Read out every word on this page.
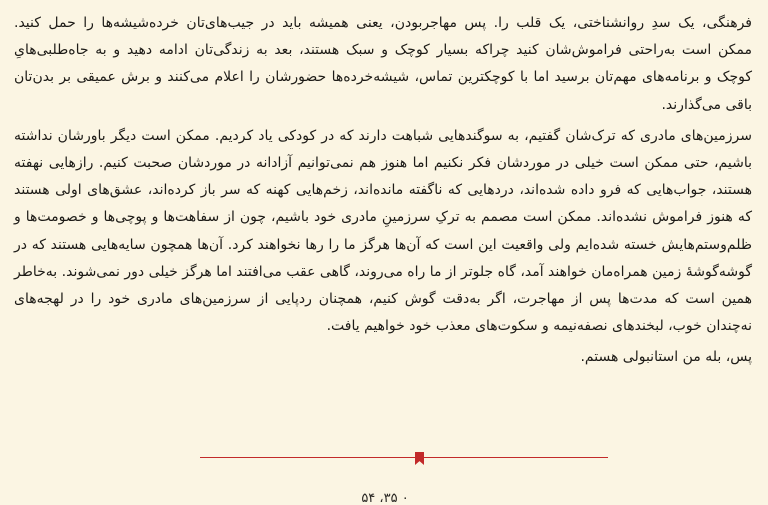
فرهنگی، یک سدِ روانشناختی، یک قلب را. پس مهاجربودن، یعنی همیشه باید در جیب‌های‌تان خرده‌شیشه‌ها را حمل کنید.
ممکن است به‌راحتی فراموش‌شان کنید چراکه بسیار کوچک و سبک هستند، بعد به زندگی‌تان ادامه دهید و به جاه‌طلبی‌هایِ
کوچک و برنامه‌های مهم‌تان برسید اما با کوچکترین تماس، شیشه‌خرده‌ها حضورشان را اعلام می‌کنند و برش عمیقی بر بدن‌تان
باقی می‌گذارند.

سرزمین‌های مادری که ترک‌شان گفتیم، به سوگندهایی شباهت دارند که در کودکی یاد کردیم. ممکن است دیگر باورشان نداشته
باشیم، حتی ممکن است خیلی در موردشان فکر نکنیم اما هنوز هم نمی‌توانیم آزادانه در موردشان صحبت کنیم. رازهایی نهفته
هستند، جواب‌هایی که فرو داده شده‌اند، دردهایی که ناگفته مانده‌اند، زخم‌هایی کهنه که سر باز کرده‌اند، عشق‌های اولی هستند
که هنوز فراموش نشده‌اند. ممکن است مصمم به ترکِ سرزمینِ مادری خود باشیم، چون از سفاهت‌ها و پوچی‌ها و خصومت‌ها و
ظلم‌وستم‌هایش خسته شده‌ایم ولی واقعیت این است که آن‌ها هرگز ما را رها نخواهند کرد. آن‌ها همچون سایه‌هایی هستند که در
گوشه‌گوشهٔ زمین همراه‌مان خواهند آمد، گاه جلوتر از ما راه می‌روند، گاهی عقب می‌افتند اما هرگز خیلی دور نمی‌شوند. به‌خاطر
همین است که مدت‌ها پس از مهاجرت، اگر به‌دقت گوش کنیم، همچنان ردپایی از سرزمین‌های مادری خود را در لهجه‌های
نه‌چندان خوب، لبخندهای نصفه‌نیمه و سکوت‌های معذب خود خواهیم یافت.

پس، بله من استانبولی هستم.

۵۴ ،۳۵ ۰
